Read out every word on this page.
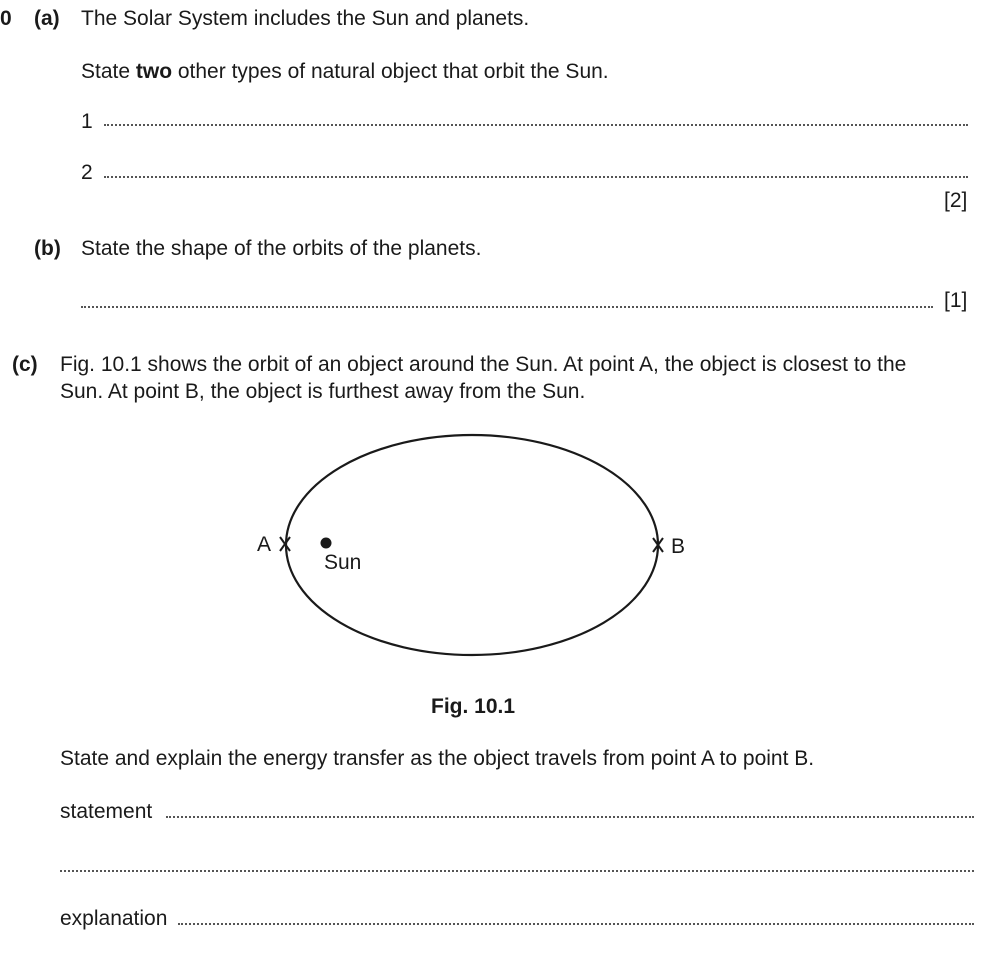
0 (a) The Solar System includes the Sun and planets.
State two other types of natural object that orbit the Sun.
1
2
[2]
(b) State the shape of the orbits of the planets.
[1]
(c) Fig. 10.1 shows the orbit of an object around the Sun. At point A, the object is closest to the
Sun. At point B, the object is furthest away from the Sun.
A
Sun
B
Fig. 10.1
State and explain the energy transfer as the object travels from point A to point B.
statement
explanation
